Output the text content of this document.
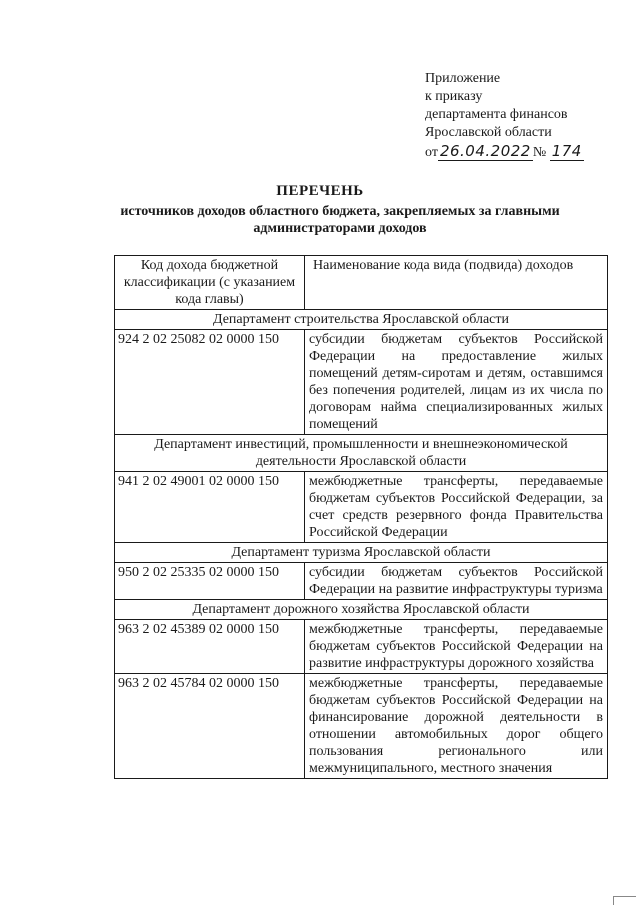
Приложение
к приказу
департамента финансов
Ярославской области
от 26.04.2022 № 174
ПЕРЕЧЕНЬ
источников доходов областного бюджета, закрепляемых за главными администраторами доходов
Код дохода бюджетной классификации (с указанием кода главы)	Наименование кода вида (подвида) доходов
Департамент строительства Ярославской области	
924 2 02 25082 02 0000 150	субсидии бюджетам субъектов Российской Федерации на предоставление жилых помещений детям-сиротам и детям, оставшимся без попечения родителей, лицам из их числа по договорам найма специализированных жилых помещений
Департамент инвестиций, промышленности и внешнеэкономической деятельности Ярославской области	
941 2 02 49001 02 0000 150	межбюджетные трансферты, передаваемые бюджетам субъектов Российской Федерации, за счет средств резервного фонда Правительства Российской Федерации
Департамент туризма Ярославской области	
950 2 02 25335 02 0000 150	субсидии бюджетам субъектов Российской Федерации на развитие инфраструктуры туризма
Департамент дорожного хозяйства Ярославской области	
963 2 02 45389 02 0000 150	межбюджетные трансферты, передаваемые бюджетам субъектов Российской Федерации на развитие инфраструктуры дорожного хозяйства
963 2 02 45784 02 0000 150	межбюджетные трансферты, передаваемые бюджетам субъектов Российской Федерации на финансирование дорожной деятельности в отношении автомобильных дорог общего пользования регионального или межмуниципального, местного значения
